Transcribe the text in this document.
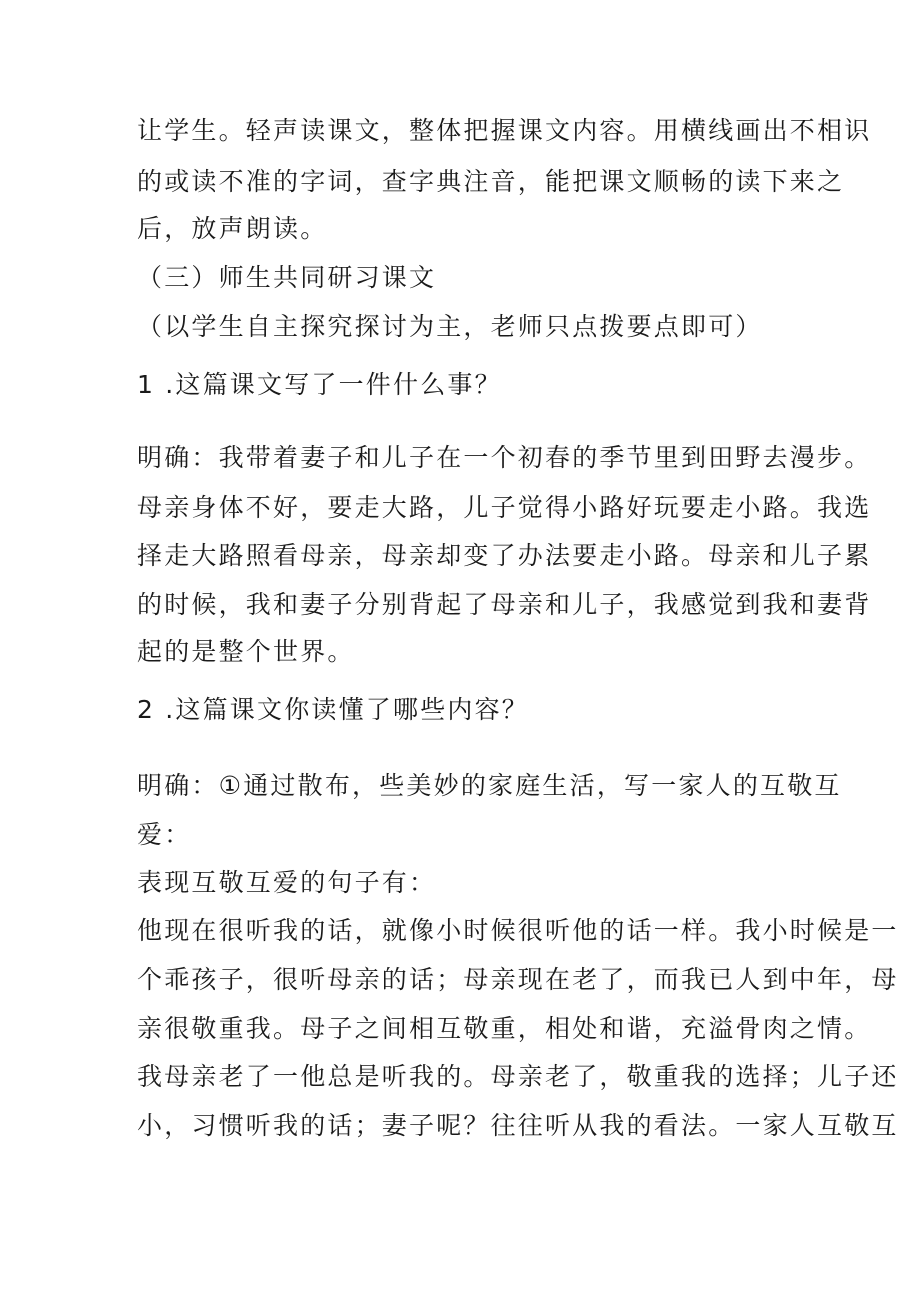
让学生。轻声读课文，整体把握课文内容。用横线画出不相识
的或读不准的字词，查字典注音，能把课文顺畅的读下来之
后，放声朗读。
（三）师生共同研习课文
（以学生自主探究探讨为主，老师只点拨要点即可）
1 .这篇课文写了一件什么事？
明确：我带着妻子和儿子在一个初春的季节里到田野去漫步。
母亲身体不好，要走大路，儿子觉得小路好玩要走小路。我选
择走大路照看母亲，母亲却变了办法要走小路。母亲和儿子累
的时候，我和妻子分别背起了母亲和儿子，我感觉到我和妻背
起的是整个世界。
2 .这篇课文你读懂了哪些内容？
明确：①通过散布，些美妙的家庭生活，写一家人的互敬互
爱：
表现互敬互爱的句子有：
他现在很听我的话，就像小时候很听他的话一样。我小时候是一
个乖孩子，很听母亲的话；母亲现在老了，而我已人到中年，母
亲很敬重我。母子之间相互敬重，相处和谐，充溢骨肉之情。
我母亲老了一他总是听我的。母亲老了，敬重我的选择；儿子还
小，习惯听我的话；妻子呢？往往听从我的看法。一家人互敬互
